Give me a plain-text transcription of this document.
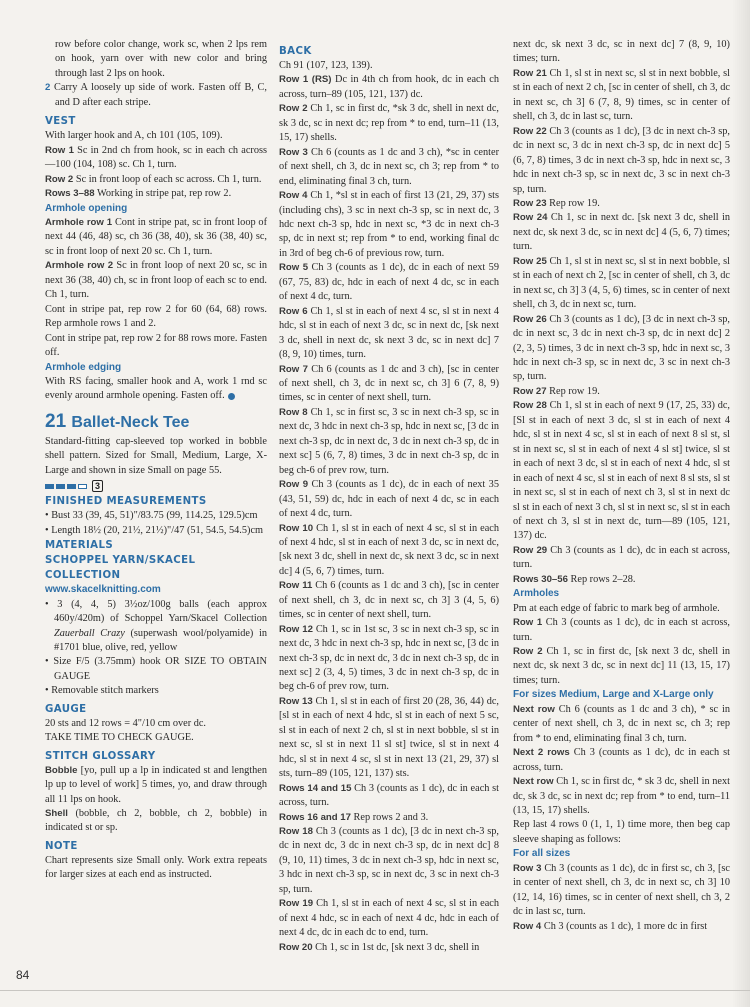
row before color change, work sc, when 2 lps rem on hook, yarn over with new color and bring through last 2 lps on hook.

2 Carry A loosely up side of work. Fasten off B, C, and D after each stripe.

VEST

With larger hook and A, ch 101 (105, 109).

Row 1 Sc in 2nd ch from hook, sc in each ch across—100 (104, 108) sc. Ch 1, turn.

Row 2 Sc in front loop of each sc across. Ch 1, turn.

Rows 3–88 Working in stripe pat, rep row 2.

Armhole opening

Armhole row 1 Cont in stripe pat, sc in front loop of next 44 (46, 48) sc, ch 36 (38, 40), sk 36 (38, 40) sc, sc in front loop of next 20 sc. Ch 1, turn.

Armhole row 2 Sc in front loop of next 20 sc, sc in next 36 (38, 40) ch, sc in front loop of each sc to end. Ch 1, turn.

Cont in stripe pat, rep row 2 for 60 (64, 68) rows. Rep armhole rows 1 and 2.

Cont in stripe pat, rep row 2 for 88 rows more. Fasten off.

Armhole edging

With RS facing, smaller hook and A, work 1 rnd sc evenly around armhole opening. Fasten off.

21 Ballet-Neck Tee

Standard-fitting cap-sleeved top worked in bobble shell pattern. Sized for Small, Medium, Large, X-Large and shown in size Small on page 55.

3
FINISHED MEASUREMENTS
• Bust 33 (39, 45, 51)"/83.75 (99, 114.25, 129.5)cm
• Length 18½ (20, 21½, 21½)"/47 (51, 54.5, 54.5)cm
MATERIALS
SCHOPPEL YARN/SKACEL
COLLECTION
www.skacelknitting.com
• 3 (4, 4, 5) 3½oz/100g balls (each approx 460y/420m) of Schoppel Yarn/Skacel Collection Zauerball Crazy (superwash wool/polyamide) in #1701 blue, olive, red, yellow
• Size F/5 (3.75mm) hook OR SIZE TO OBTAIN GAUGE
• Removable stitch markers
GAUGE

20 sts and 12 rows = 4"/10 cm over dc.

TAKE TIME TO CHECK GAUGE.

STITCH GLOSSARY

Bobble [yo, pull up a lp in indicated st and lengthen lp up to level of work] 5 times, yo, and draw through all 11 lps on hook.

Shell (bobble, ch 2, bobble, ch 2, bobble) in indicated st or sp.

NOTE

Chart represents size Small only. Work extra repeats for larger sizes at each end as instructed.

BACK

Ch 91 (107, 123, 139).

Row 1 (RS) Dc in 4th ch from hook, dc in each ch across, turn–89 (105, 121, 137) dc.

Row 2 Ch 1, sc in first dc, *sk 3 dc, shell in next dc, sk 3 dc, sc in next dc; rep from * to end, turn–11 (13, 15, 17) shells.

Row 3 Ch 6 (counts as 1 dc and 3 ch), *sc in center of next shell, ch 3, dc in next sc, ch 3; rep from * to end, eliminating final 3 ch, turn.

Row 4 Ch 1, *sl st in each of first 13 (21, 29, 37) sts (including chs), 3 sc in next ch-3 sp, sc in next dc, 3 hdc next ch-3 sp, hdc in next sc, *3 dc in next ch-3 sp, dc in next st; rep from * to end, working final dc in 3rd of beg ch-6 of previous row, turn.

Row 5 Ch 3 (counts as 1 dc), dc in each of next 59 (67, 75, 83) dc, hdc in each of next 4 dc, sc in each of next 4 dc, turn.

Row 6 Ch 1, sl st in each of next 4 sc, sl st in next 4 hdc, sl st in each of next 3 dc, sc in next dc, [sk next 3 dc, shell in next dc, sk next 3 dc, sc in next dc] 7 (8, 9, 10) times, turn.

Row 7 Ch 6 (counts as 1 dc and 3 ch), [sc in center of next shell, ch 3, dc in next sc, ch 3] 6 (7, 8, 9) times, sc in center of next shell, turn.

Row 8 Ch 1, sc in first sc, 3 sc in next ch-3 sp, sc in next dc, 3 hdc in next ch-3 sp, hdc in next sc, [3 dc in next ch-3 sp, dc in next dc, 3 dc in next ch-3 sp, dc in next sc] 5 (6, 7, 8) times, 3 dc in next ch-3 sp, dc in beg ch-6 of prev row, turn.

Row 9 Ch 3 (counts as 1 dc), dc in each of next 35 (43, 51, 59) dc, hdc in each of next 4 dc, sc in each of next 4 dc, turn.

Row 10 Ch 1, sl st in each of next 4 sc, sl st in each of next 4 hdc, sl st in each of next 3 dc, sc in next dc, [sk next 3 dc, shell in next dc, sk next 3 dc, sc in next dc] 4 (5, 6, 7) times, turn.

Row 11 Ch 6 (counts as 1 dc and 3 ch), [sc in center of next shell, ch 3, dc in next sc, ch 3] 3 (4, 5, 6) times, sc in center of next shell, turn.

Row 12 Ch 1, sc in 1st sc, 3 sc in next ch-3 sp, sc in next dc, 3 hdc in next ch-3 sp, hdc in next sc, [3 dc in next ch-3 sp, dc in next dc, 3 dc in next ch-3 sp, dc in next sc] 2 (3, 4, 5) times, 3 dc in next ch-3 sp, dc in beg ch-6 of prev row, turn.

Row 13 Ch 1, sl st in each of first 20 (28, 36, 44) dc, [sl st in each of next 4 hdc, sl st in each of next 5 sc, sl st in each of next 2 ch, sl st in next bobble, sl st in next sc, sl st in next 11 sl st] twice, sl st in next 4 hdc, sl st in next 4 sc, sl st in next 13 (21, 29, 37) sl sts, turn–89 (105, 121, 137) sts.

Rows 14 and 15 Ch 3 (counts as 1 dc), dc in each st across, turn.

Rows 16 and 17 Rep rows 2 and 3.

Row 18 Ch 3 (counts as 1 dc), [3 dc in next ch-3 sp, dc in next dc, 3 dc in next ch-3 sp, dc in next dc] 8 (9, 10, 11) times, 3 dc in next ch-3 sp, hdc in next sc, 3 hdc in next ch-3 sp, sc in next dc, 3 sc in next ch-3 sp, turn.

Row 19 Ch 1, sl st in each of next 4 sc, sl st in each of next 4 hdc, sc in each of next 4 dc, hdc in each of next 4 dc, dc in each dc to end, turn.

Row 20 Ch 1, sc in 1st dc, [sk next 3 dc, shell in

next dc, sk next 3 dc, sc in next dc] 7 (8, 9, 10) times; turn.

Row 21 Ch 1, sl st in next sc, sl st in next bobble, sl st in each of next 2 ch, [sc in center of shell, ch 3, dc in next sc, ch 3] 6 (7, 8, 9) times, sc in center of shell, ch 3, dc in last sc, turn.

Row 22 Ch 3 (counts as 1 dc), [3 dc in next ch-3 sp, dc in next sc, 3 dc in next ch-3 sp, dc in next dc] 5 (6, 7, 8) times, 3 dc in next ch-3 sp, hdc in next sc, 3 hdc in next ch-3 sp, sc in next dc, 3 sc in next ch-3 sp, turn.

Row 23 Rep row 19.

Row 24 Ch 1, sc in next dc. [sk next 3 dc, shell in next dc, sk next 3 dc, sc in next dc] 4 (5, 6, 7) times; turn.

Row 25 Ch 1, sl st in next sc, sl st in next bobble, sl st in each of next ch 2, [sc in center of shell, ch 3, dc in next sc, ch 3] 3 (4, 5, 6) times, sc in center of next shell, ch 3, dc in next sc, turn.

Row 26 Ch 3 (counts as 1 dc), [3 dc in next ch-3 sp, dc in next sc, 3 dc in next ch-3 sp, dc in next dc] 2 (2, 3, 5) times, 3 dc in next ch-3 sp, hdc in next sc, 3 hdc in next ch-3 sp, sc in next dc, 3 sc in next ch-3 sp, turn.

Row 27 Rep row 19.

Row 28 Ch 1, sl st in each of next 9 (17, 25, 33) dc, [Sl st in each of next 3 dc, sl st in each of next 4 hdc, sl st in next 4 sc, sl st in each of next 8 sl st, sl st in next sc, sl st in each of next 4 sl st] twice, sl st in each of next 3 dc, sl st in each of next 4 hdc, sl st in each of next 4 sc, sl st in each of next 8 sl sts, sl st in next sc, sl st in each of next ch 3, sl st in next dc sl st in each of next 3 ch, sl st in next sc, sl st in each of next ch 3, sl st in next dc, turn—89 (105, 121, 137) dc.

Row 29 Ch 3 (counts as 1 dc), dc in each st across, turn.

Rows 30–56 Rep rows 2–28.

Armholes

Pm at each edge of fabric to mark beg of armhole.

Row 1 Ch 3 (counts as 1 dc), dc in each st across, turn.

Row 2 Ch 1, sc in first dc, [sk next 3 dc, shell in next dc, sk next 3 dc, sc in next dc] 11 (13, 15, 17) times; turn.

For sizes Medium, Large and X-Large only

Next row Ch 6 (counts as 1 dc and 3 ch), * sc in center of next shell, ch 3, dc in next sc, ch 3; rep from * to end, eliminating final 3 ch, turn.

Next 2 rows Ch 3 (counts as 1 dc), dc in each st across, turn.

Next row Ch 1, sc in first dc, * sk 3 dc, shell in next dc, sk 3 dc, sc in next dc; rep from * to end, turn–11 (13, 15, 17) shells.

Rep last 4 rows 0 (1, 1, 1) time more, then beg cap sleeve shaping as follows:

For all sizes

Row 3 Ch 3 (counts as 1 dc), dc in first sc, ch 3, [sc in center of next shell, ch 3, dc in next sc, ch 3] 10 (12, 14, 16) times, sc in center of next shell, ch 3, 2 dc in last sc, turn.

Row 4 Ch 3 (counts as 1 dc), 1 more dc in first

84
